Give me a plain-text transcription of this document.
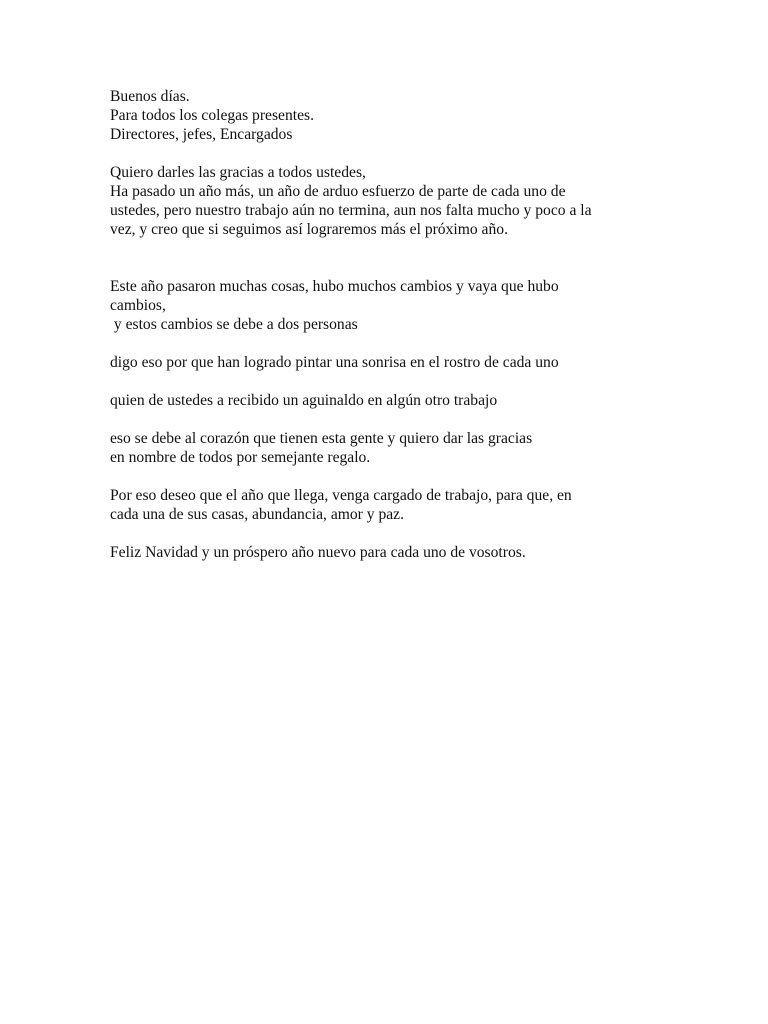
Buenos días.
Para todos los colegas presentes.
Directores, jefes, Encargados
Quiero darles las gracias a todos ustedes,
Ha pasado un año más, un año de arduo esfuerzo de parte de cada uno de
ustedes, pero nuestro trabajo aún no termina, aun nos falta mucho y poco a la
vez, y creo que si seguimos así lograremos más el próximo año.
Este año pasaron muchas cosas, hubo muchos cambios y vaya que hubo
cambios,
y estos cambios se debe a dos personas
digo eso por que han logrado pintar una sonrisa en el rostro de cada uno
quien de ustedes a recibido un aguinaldo en algún otro trabajo
eso se debe al corazón que tienen esta gente y quiero dar las gracias
en nombre de todos por semejante regalo.
Por eso deseo que el año que llega, venga cargado de trabajo, para que, en
cada una de sus casas, abundancia, amor y paz.
Feliz Navidad y un próspero año nuevo para cada uno de vosotros.
